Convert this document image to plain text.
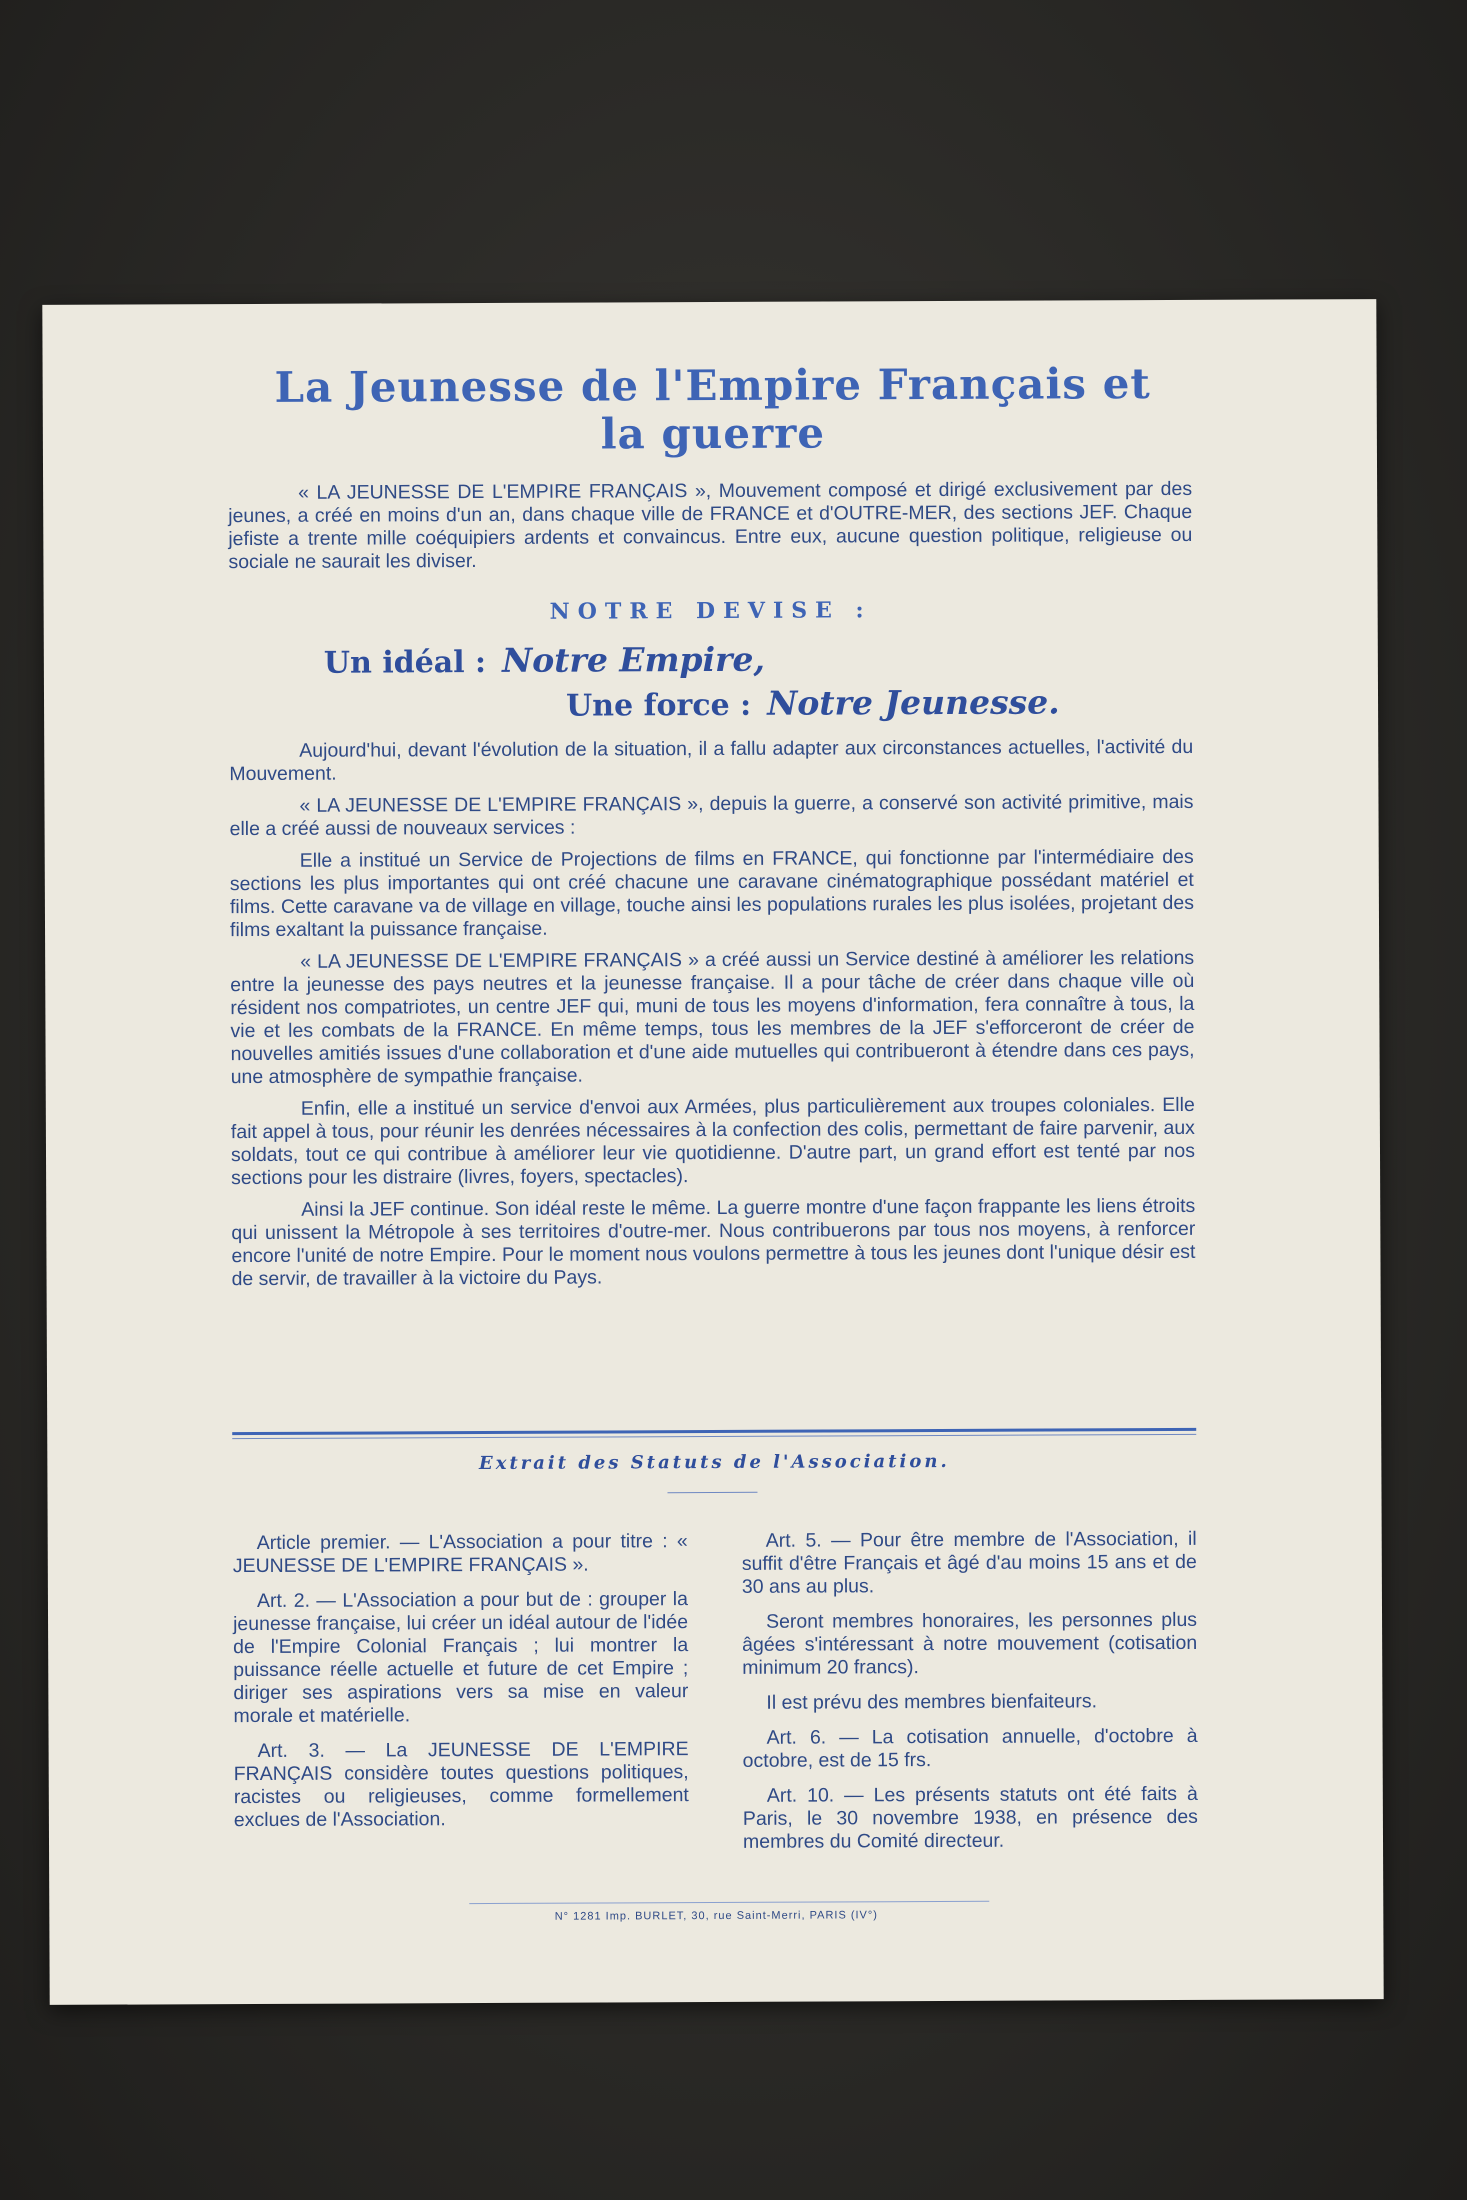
La Jeunesse de l'Empire Français et
la guerre

« LA JEUNESSE DE L'EMPIRE FRANÇAIS », Mouvement composé et dirigé exclusivement par des jeunes, a créé en moins d'un an, dans chaque ville de FRANCE et d'OUTRE-MER, des sections JEF. Chaque jefiste a trente mille coéquipiers ardents et convaincus. Entre eux, aucune question politique, religieuse ou sociale ne saurait les diviser.

NOTRE DEVISE :
Un idéal : Notre Empire,
Une force : Notre Jeunesse.

Aujourd'hui, devant l'évolution de la situation, il a fallu adapter aux circonstances actuelles, l'activité du Mouvement.

« LA JEUNESSE DE L'EMPIRE FRANÇAIS », depuis la guerre, a conservé son activité primitive, mais elle a créé aussi de nouveaux services :

Elle a institué un Service de Projections de films en FRANCE, qui fonctionne par l'intermédiaire des sections les plus importantes qui ont créé chacune une caravane cinématographique possédant matériel et films. Cette caravane va de village en village, touche ainsi les populations rurales les plus isolées, projetant des films exaltant la puissance française.

« LA JEUNESSE DE L'EMPIRE FRANÇAIS » a créé aussi un Service destiné à améliorer les relations entre la jeunesse des pays neutres et la jeunesse française. Il a pour tâche de créer dans chaque ville où résident nos compatriotes, un centre JEF qui, muni de tous les moyens d'information, fera connaître à tous, la vie et les combats de la FRANCE. En même temps, tous les membres de la JEF s'efforceront de créer de nouvelles amitiés issues d'une collaboration et d'une aide mutuelles qui contribueront à étendre dans ces pays, une atmosphère de sympathie française.

Enfin, elle a institué un service d'envoi aux Armées, plus particulièrement aux troupes coloniales. Elle fait appel à tous, pour réunir les denrées nécessaires à la confection des colis, permettant de faire parvenir, aux soldats, tout ce qui contribue à améliorer leur vie quotidienne. D'autre part, un grand effort est tenté par nos sections pour les distraire (livres, foyers, spectacles).

Ainsi la JEF continue. Son idéal reste le même. La guerre montre d'une façon frappante les liens étroits qui unissent la Métropole à ses territoires d'outre-mer. Nous contribuerons par tous nos moyens, à renforcer encore l'unité de notre Empire. Pour le moment nous voulons permettre à tous les jeunes dont l'unique désir est de servir, de travailler à la victoire du Pays.

Extrait des Statuts de l'Association.

Article premier. — L'Association a pour titre : « JEUNESSE DE L'EMPIRE FRANÇAIS ».

Art. 2. — L'Association a pour but de : grouper la jeunesse française, lui créer un idéal autour de l'idée de l'Empire Colonial Français ; lui montrer la puissance réelle actuelle et future de cet Empire ; diriger ses aspirations vers sa mise en valeur morale et matérielle.

Art. 3. — La JEUNESSE DE L'EMPIRE FRANÇAIS considère toutes questions politiques, racistes ou religieuses, comme formellement exclues de l'Association.

Art. 5. — Pour être membre de l'Association, il suffit d'être Français et âgé d'au moins 15 ans et de 30 ans au plus.

Seront membres honoraires, les personnes plus âgées s'intéressant à notre mouvement (cotisation minimum 20 francs).

Il est prévu des membres bienfaiteurs.

Art. 6. — La cotisation annuelle, d'octobre à octobre, est de 15 frs.

Art. 10. — Les présents statuts ont été faits à Paris, le 30 novembre 1938, en présence des membres du Comité directeur.

N° 1281 Imp. BURLET, 30, rue Saint-Merri, PARIS (IV°)
